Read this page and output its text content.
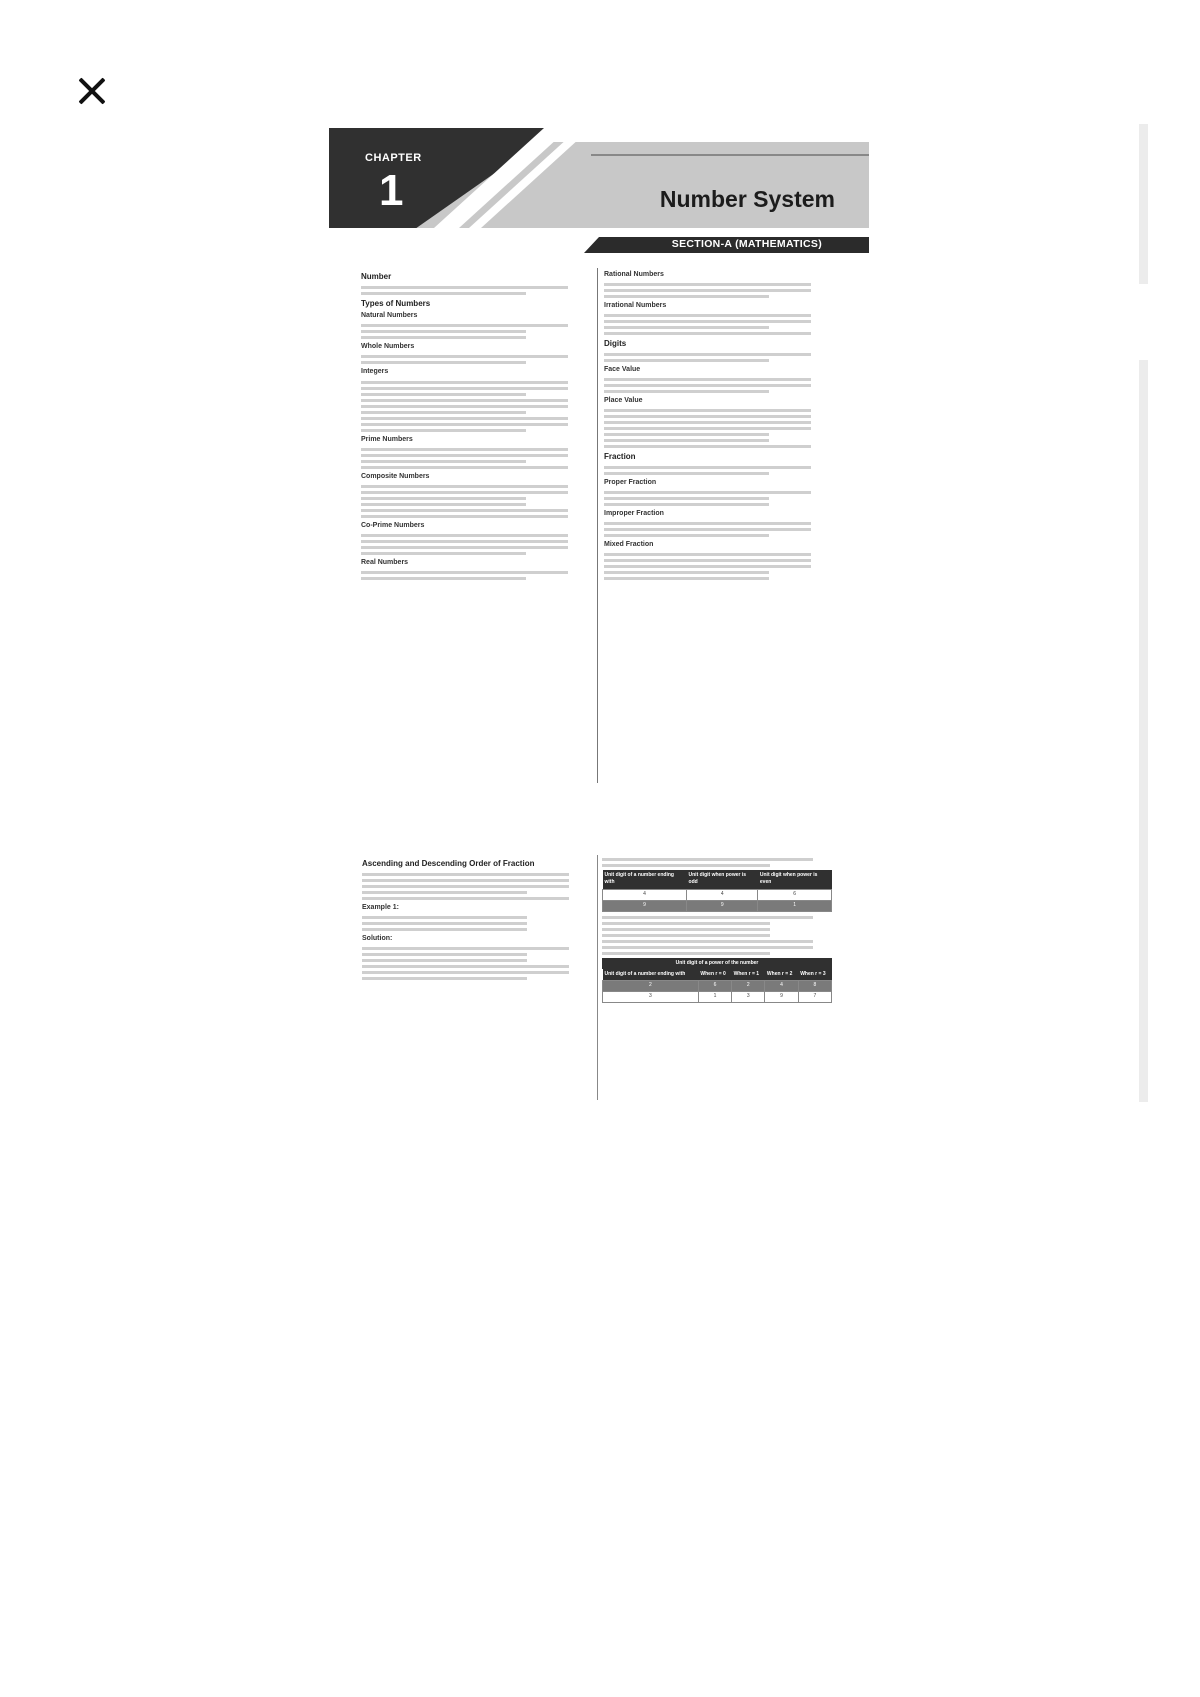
CHAPTER
1	Number System
SECTION-A (MATHEMATICS)
Number
Types of Numbers
Natural Numbers
Whole Numbers
Integers
Prime Numbers
Composite Numbers
Co-Prime Numbers
Real Numbers
Rational Numbers
Irrational Numbers
Digits
Face Value
Place Value
Fraction
Proper Fraction
Improper Fraction
Mixed Fraction
Ascending and Descending Order of Fraction
Example 1:
Solution:
Unit digit of a number ending with	Unit digit when power is odd	Unit digit when power is even
4	4	6
9	9	1
Unit digit of a power of the number
Unit digit of a number ending with	When r = 0	When r = 1	When r = 2	When r = 3
2	6	2	4	8
3	1	3	9	7
